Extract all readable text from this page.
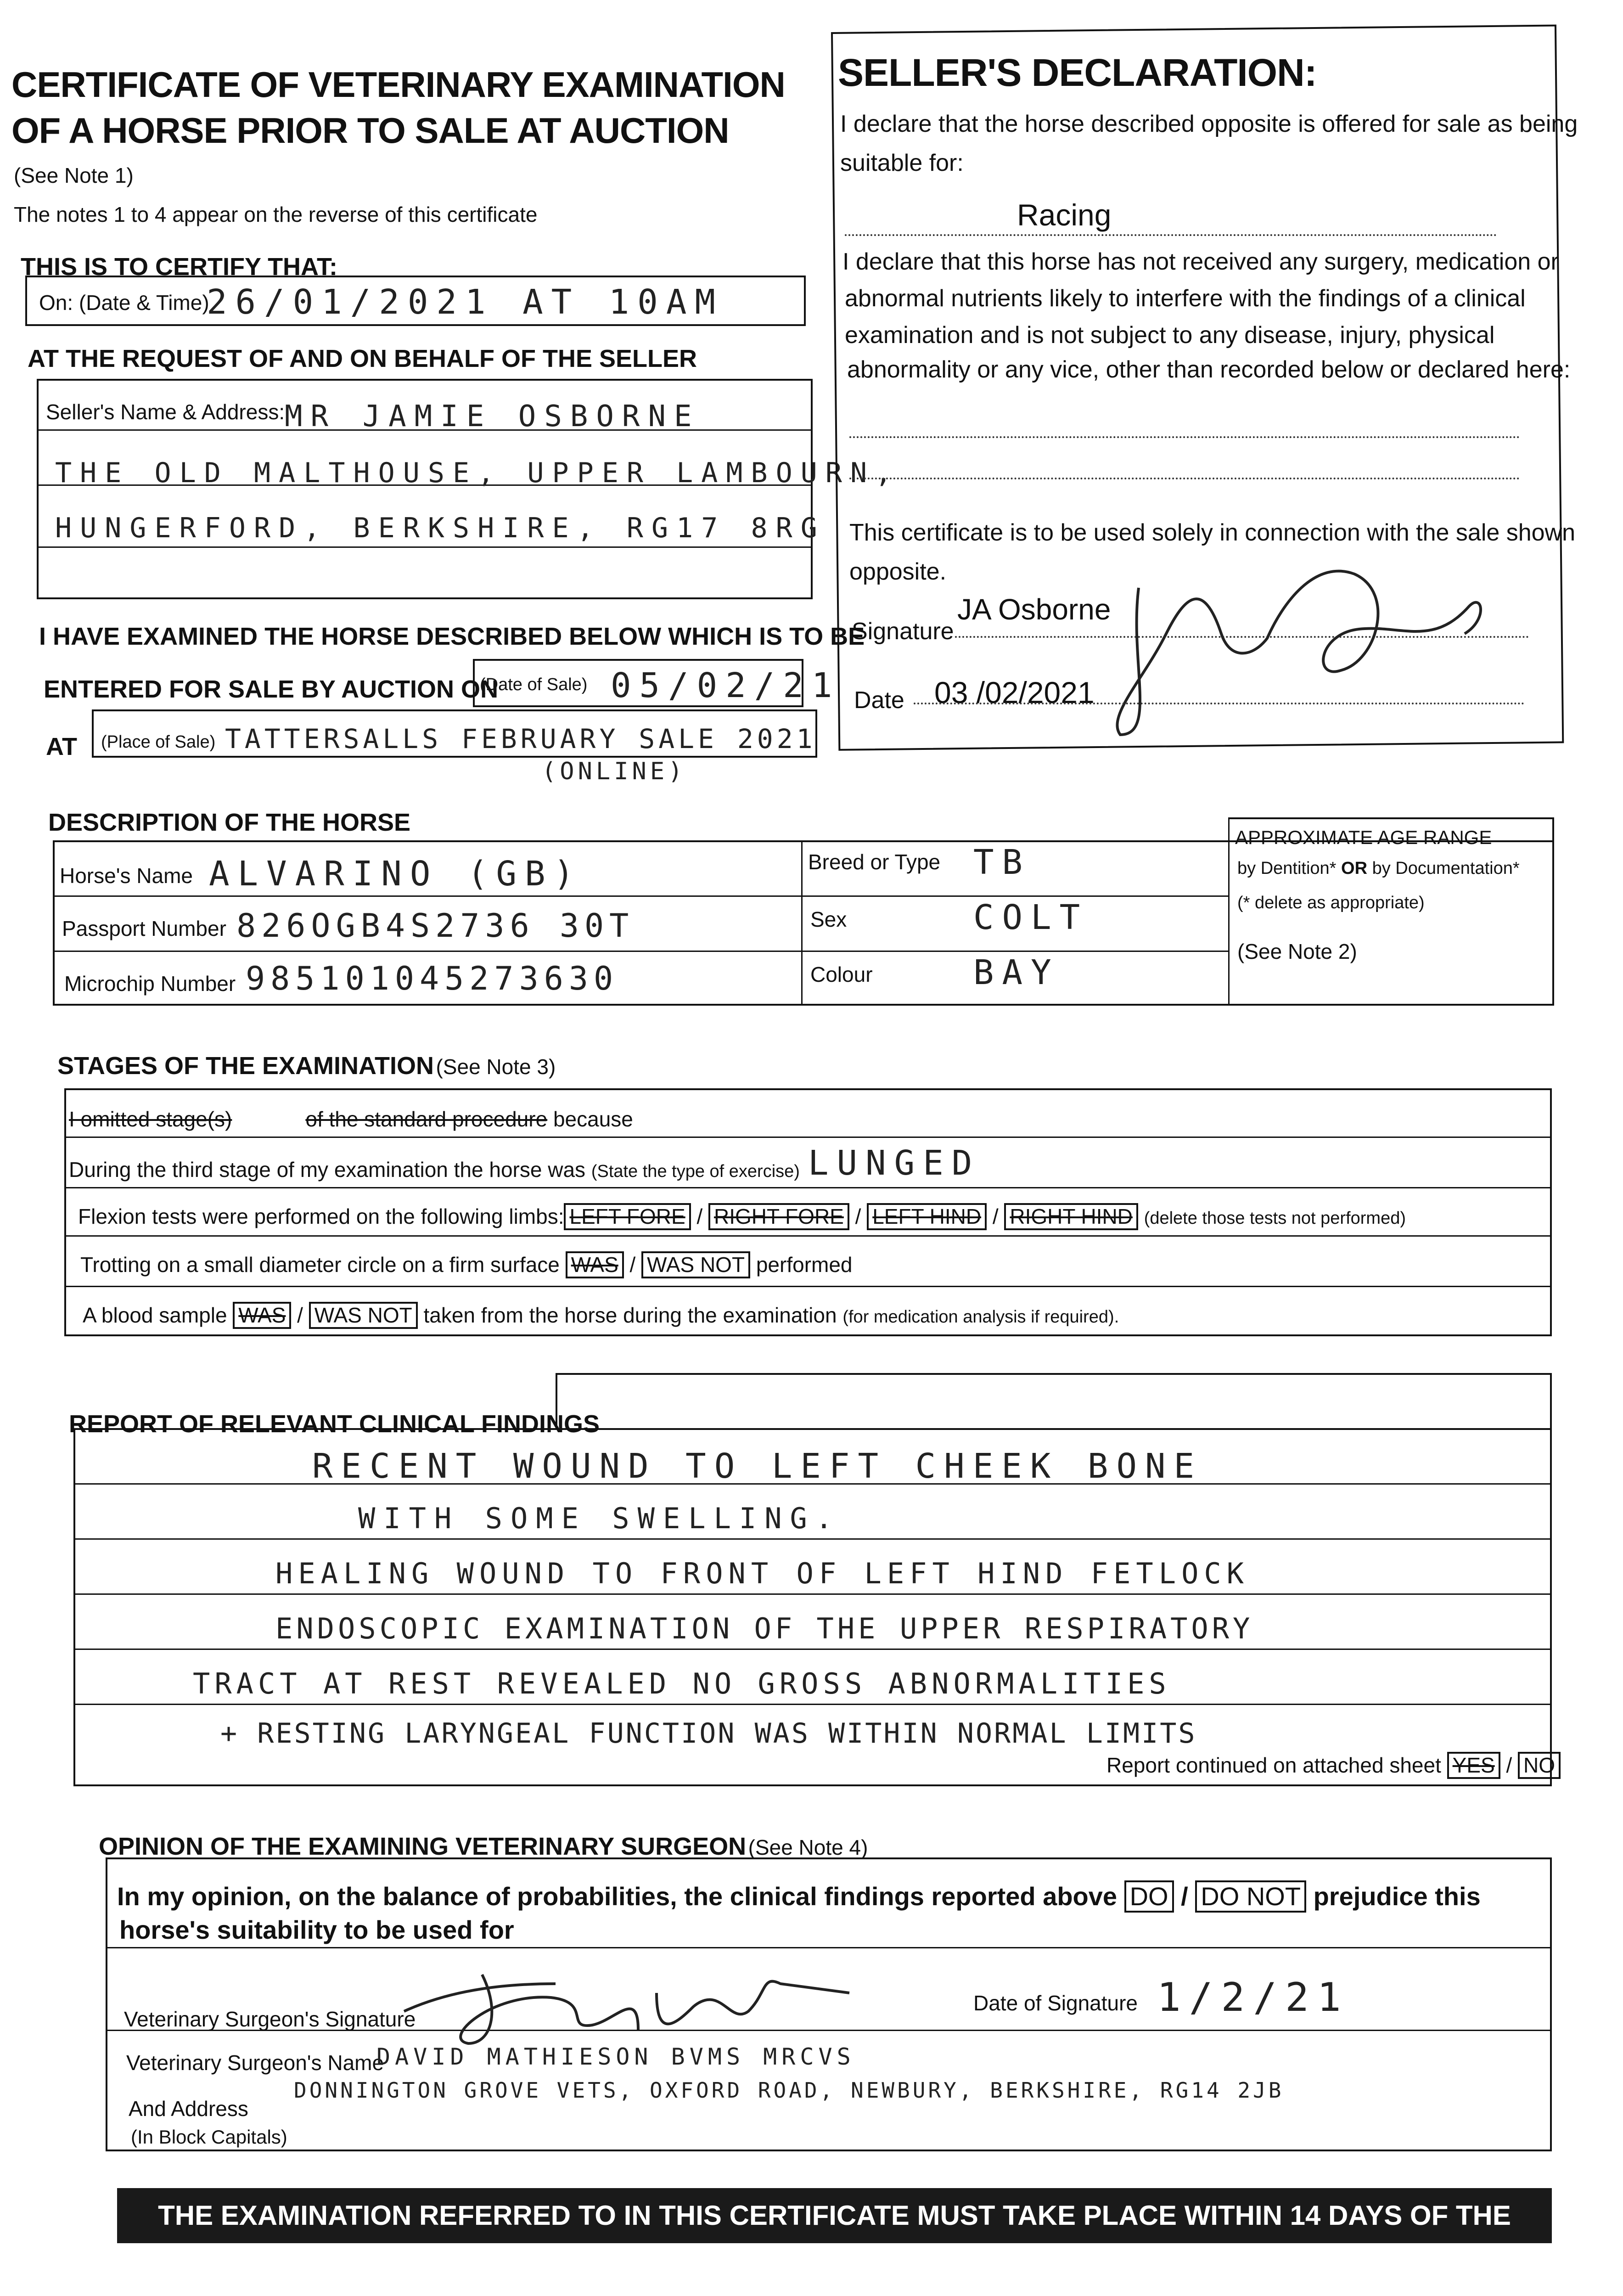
CERTIFICATE OF VETERINARY EXAMINATION
OF A HORSE PRIOR TO SALE AT AUCTION
(See Note 1)
The notes 1 to 4 appear on the reverse of this certificate
THIS IS TO CERTIFY THAT:
On: (Date & Time)
26/01/2021 AT 10AM
AT THE REQUEST OF AND ON BEHALF OF THE SELLER
Seller's Name & Address: MR JAMIE OSBORNE
THE OLD MALTHOUSE, UPPER LAMBOURN,
HUNGERFORD, BERKSHIRE, RG17 8RG
I HAVE EXAMINED THE HORSE DESCRIBED BELOW WHICH IS TO BE
ENTERED FOR SALE BY AUCTION ON
(Date of Sale) 05/02/21
AT (Place of Sale) TATTERSALLS FEBRUARY SALE 2021
(ONLINE)
SELLER'S DECLARATION:
I declare that the horse described opposite is offered for sale as being
suitable for:
Racing
I declare that this horse has not received any surgery, medication or
abnormal nutrients likely to interfere with the findings of a clinical
examination and is not subject to any disease, injury, physical
abnormality or any vice, other than recorded below or declared here:
This certificate is to be used solely in connection with the sale shown
opposite.
Signature
JA Osborne
Date 03 /02/2021
DESCRIPTION OF THE HORSE
Horse's Name ALVARINO (GB)
Passport Number 826OGB4S2736 30T
Microchip Number 985101045273630
Breed or Type TB
Sex	COLT
Colour	BAY
APPROXIMATE AGE RANGE
by Dentition* OR by Documentation*
(* delete as appropriate)
(See Note 2)
STAGES OF THE EXAMINATION (See Note 3)
I omitted stage(s)	of the standard procedure because
During the third stage of my examination the horse was (State the type of exercise) LUNGED
Flexion tests were performed on the following limbs: LEFT FORE / RIGHT FORE / LEFT HIND / RIGHT HIND (delete those tests not performed)
Trotting on a small diameter circle on a firm surface WAS / WAS NOT performed
A blood sample WAS / WAS NOT taken from the horse during the examination (for medication analysis if required).
REPORT OF RELEVANT CLINICAL FINDINGS
RECENT WOUND TO LEFT CHEEK BONE
WITH SOME SWELLING.
HEALING WOUND TO FRONT OF LEFT HIND FETLOCK
ENDOSCOPIC EXAMINATION OF THE UPPER RESPIRATORY
TRACT AT REST REVEALED NO GROSS ABNORMALITIES
+ RESTING LARYNGEAL FUNCTION WAS WITHIN NORMAL LIMITS
Report continued on attached sheet YES / NO
OPINION OF THE EXAMINING VETERINARY SURGEON (See Note 4)
In my opinion, on the balance of probabilities, the clinical findings reported above DO / DO NOT prejudice this
horse's suitability to be used for
Veterinary Surgeon's Signature
Date of Signature 1/2/21
Veterinary Surgeon's Name
DAVID MATHIESON BVMS MRCVS
And Address
(In Block Capitals)
DONNINGTON GROVE VETS, OXFORD ROAD, NEWBURY, BERKSHIRE, RG14 2JB
THE EXAMINATION REFERRED TO IN THIS CERTIFICATE MUST TAKE PLACE WITHIN 14 DAYS OF THE AUCTION
